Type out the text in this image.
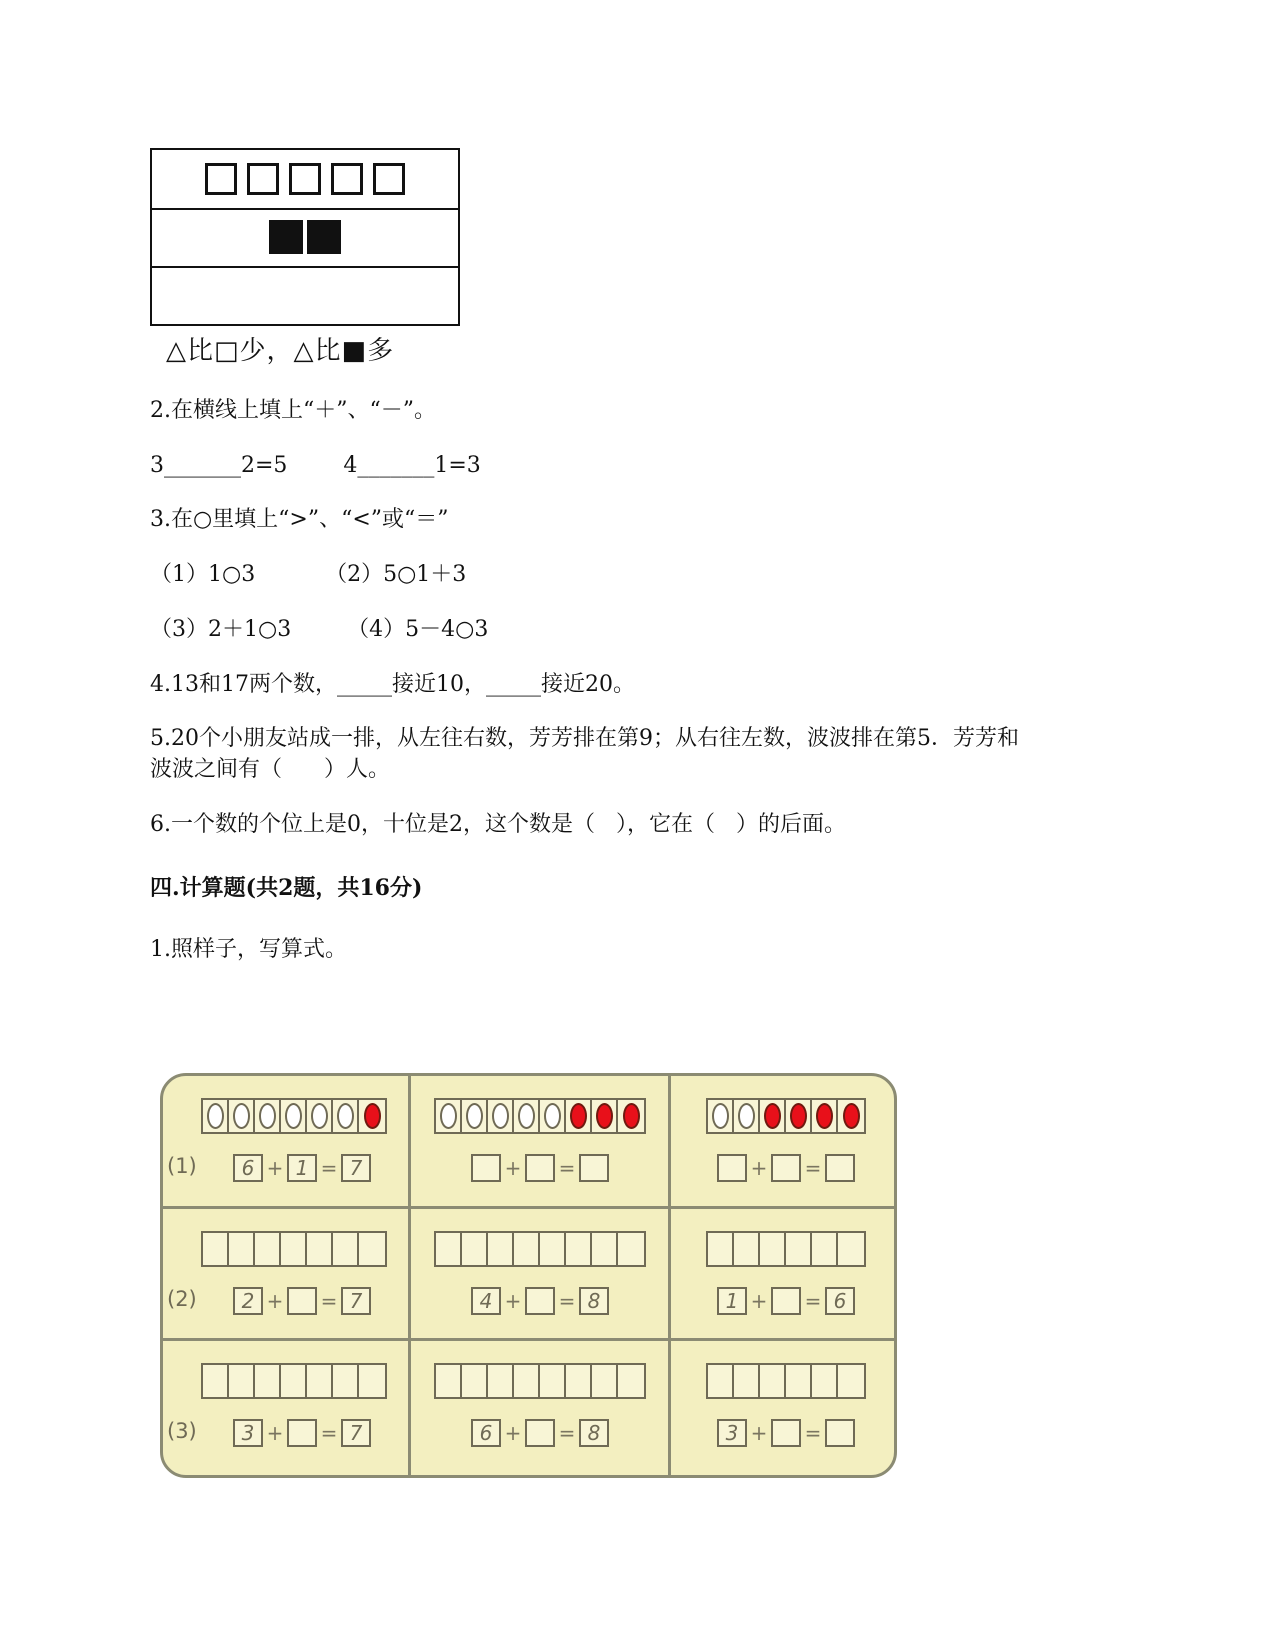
△比□少，△比■多
2.在横线上填上“＋”、“－”。
3_______2=5        4_______1=3
3.在○里填上“>”、“<”或“＝”
（1）1○3          （2）5○1＋3
（3）2＋1○3        （4）5－4○3
4.13和17两个数，_____接近10，_____接近20。
5.20个小朋友站成一排，从左往右数，芳芳排在第9；从右往左数，波波排在第5．芳芳和
波波之间有（      ）人。
6.一个数的个位上是0，十位是2，这个数是（   ），它在（   ）的后面。
四.计算题(共2题，共16分)
1.照样子，写算式。
(1)	6 + 1 = 7	+ =	+ =
(2)	2 + = 7	4 + = 8	1 + = 6
(3)	3 + = 7	6 + = 8	3 + =
